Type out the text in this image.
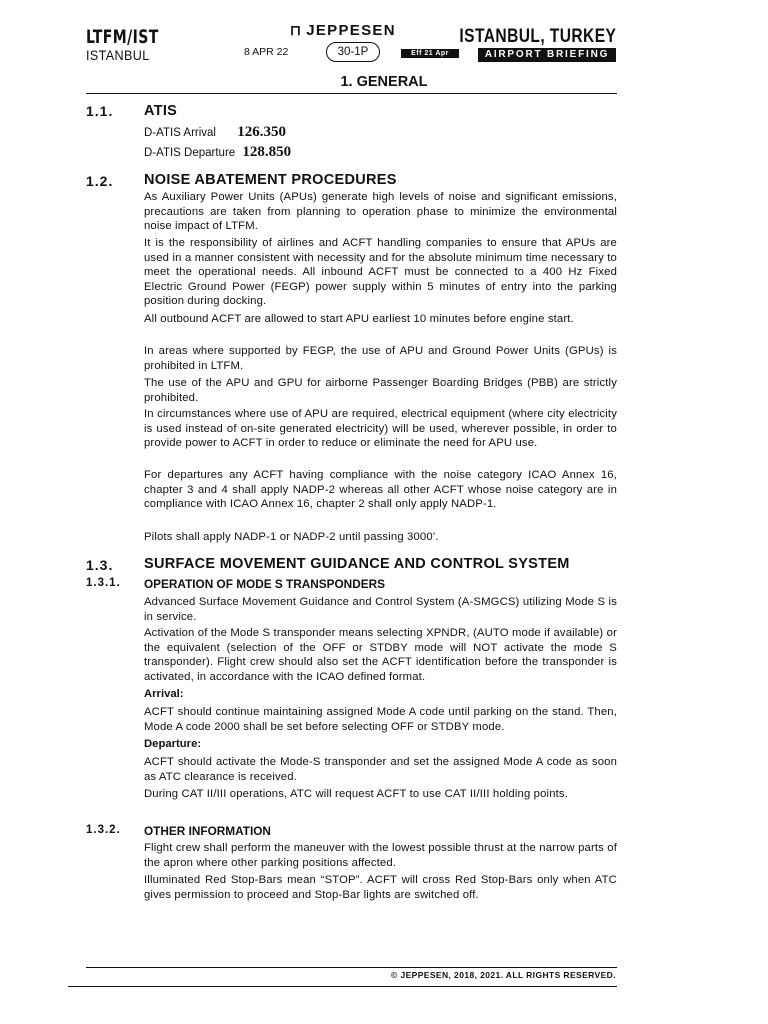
LTFM/IST
ISTANBUL	8 APR 22
⊓ JEPPESEN
30-1P	Eff 21 Apr
ISTANBUL, TURKEY
AIRPORT BRIEFING
1. GENERAL
1.1. ATIS
D-ATIS Arrival 126.350
D-ATIS Departure 128.850
1.2. NOISE ABATEMENT PROCEDURES
As Auxiliary Power Units (APUs) generate high levels of noise and significant emissions, precautions are taken from planning to operation phase to minimize the environmental noise impact of LTFM.
It is the responsibility of airlines and ACFT handling companies to ensure that APUs are used in a manner consistent with necessity and for the absolute minimum time necessary to meet the operational needs. All inbound ACFT must be connected to a 400 Hz Fixed Electric Ground Power (FEGP) power supply within 5 minutes of entry into the parking position during docking.
All outbound ACFT are allowed to start APU earliest 10 minutes before engine start.
In areas where supported by FEGP, the use of APU and Ground Power Units (GPUs) is prohibited in LTFM.
The use of the APU and GPU for airborne Passenger Boarding Bridges (PBB) are strictly prohibited.
In circumstances where use of APU are required, electrical equipment (where city electricity is used instead of on-site generated electricity) will be used, wherever possible, in order to provide power to ACFT in order to reduce or eliminate the need for APU use.
For departures any ACFT having compliance with the noise category ICAO Annex 16, chapter 3 and 4 shall apply NADP-2 whereas all other ACFT whose noise category are in compliance with ICAO Annex 16, chapter 2 shall only apply NADP-1.
Pilots shall apply NADP-1 or NADP-2 until passing 3000’.
1.3. SURFACE MOVEMENT GUIDANCE AND CONTROL SYSTEM
1.3.1. OPERATION OF MODE S TRANSPONDERS
Advanced Surface Movement Guidance and Control System (A-SMGCS) utilizing Mode S is in service.
Activation of the Mode S transponder means selecting XPNDR, (AUTO mode if available) or the equivalent (selection of the OFF or STDBY mode will NOT activate the mode S transponder). Flight crew should also set the ACFT identification before the transponder is activated, in accordance with the ICAO defined format.
Arrival:
ACFT should continue maintaining assigned Mode A code until parking on the stand. Then, Mode A code 2000 shall be set before selecting OFF or STDBY mode.
Departure:
ACFT should activate the Mode-S transponder and set the assigned Mode A code as soon as ATC clearance is received.
During CAT II/III operations, ATC will request ACFT to use CAT II/III holding points.
1.3.2. OTHER INFORMATION
Flight crew shall perform the maneuver with the lowest possible thrust at the narrow parts of the apron where other parking positions affected.
Illuminated Red Stop-Bars mean “STOP”. ACFT will cross Red Stop-Bars only when ATC gives permission to proceed and Stop-Bar lights are switched off.
© JEPPESEN, 2018, 2021. ALL RIGHTS RESERVED.
